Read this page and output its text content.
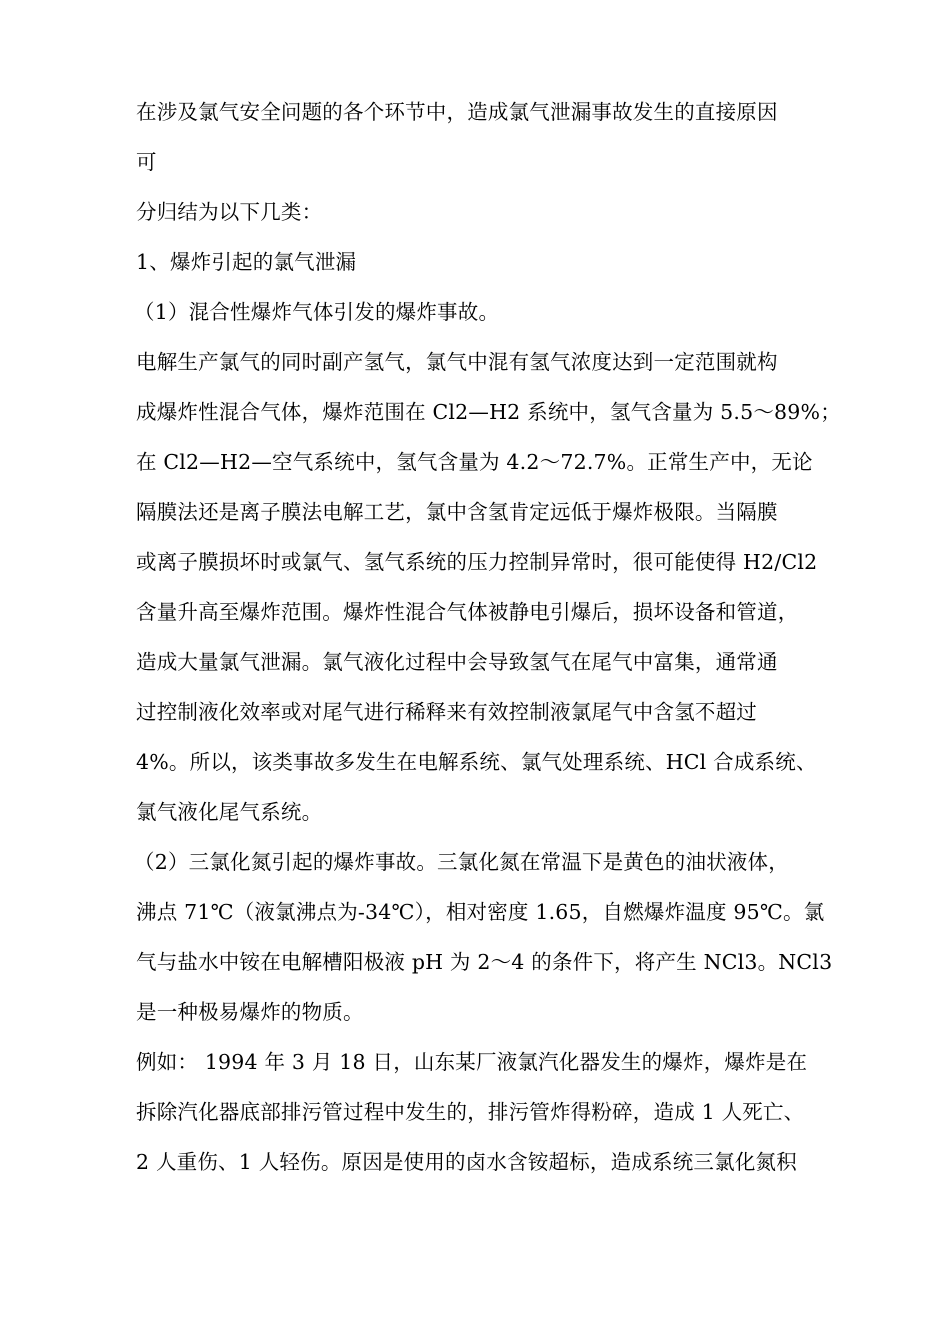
在涉及氯气安全问题的各个环节中，造成氯气泄漏事故发生的直接原因
可
分归结为以下几类：
1、爆炸引起的氯气泄漏
（1）混合性爆炸气体引发的爆炸事故。
电解生产氯气的同时副产氢气，氯气中混有氢气浓度达到一定范围就构
成爆炸性混合气体，爆炸范围在 Cl2—H2 系统中，氢气含量为 5.5～89%；
在 Cl2—H2—空气系统中，氢气含量为 4.2～72.7%。正常生产中，无论
隔膜法还是离子膜法电解工艺，氯中含氢肯定远低于爆炸极限。当隔膜
或离子膜损坏时或氯气、氢气系统的压力控制异常时，很可能使得 H2/Cl2
含量升高至爆炸范围。爆炸性混合气体被静电引爆后，损坏设备和管道，
造成大量氯气泄漏。氯气液化过程中会导致氢气在尾气中富集，通常通
过控制液化效率或对尾气进行稀释来有效控制液氯尾气中含氢不超过
4%。所以，该类事故多发生在电解系统、氯气处理系统、HCl 合成系统、
氯气液化尾气系统。
（2）三氯化氮引起的爆炸事故。三氯化氮在常温下是黄色的油状液体，
沸点 71℃（液氯沸点为-34℃），相对密度 1.65，自燃爆炸温度 95℃。氯
气与盐水中铵在电解槽阳极液 pH 为 2～4 的条件下，将产生 NCl3。NCl3
是一种极易爆炸的物质。
例如： 1994 年 3 月 18 日，山东某厂液氯汽化器发生的爆炸，爆炸是在
拆除汽化器底部排污管过程中发生的，排污管炸得粉碎，造成 1 人死亡、
2 人重伤、1 人轻伤。原因是使用的卤水含铵超标，造成系统三氯化氮积
